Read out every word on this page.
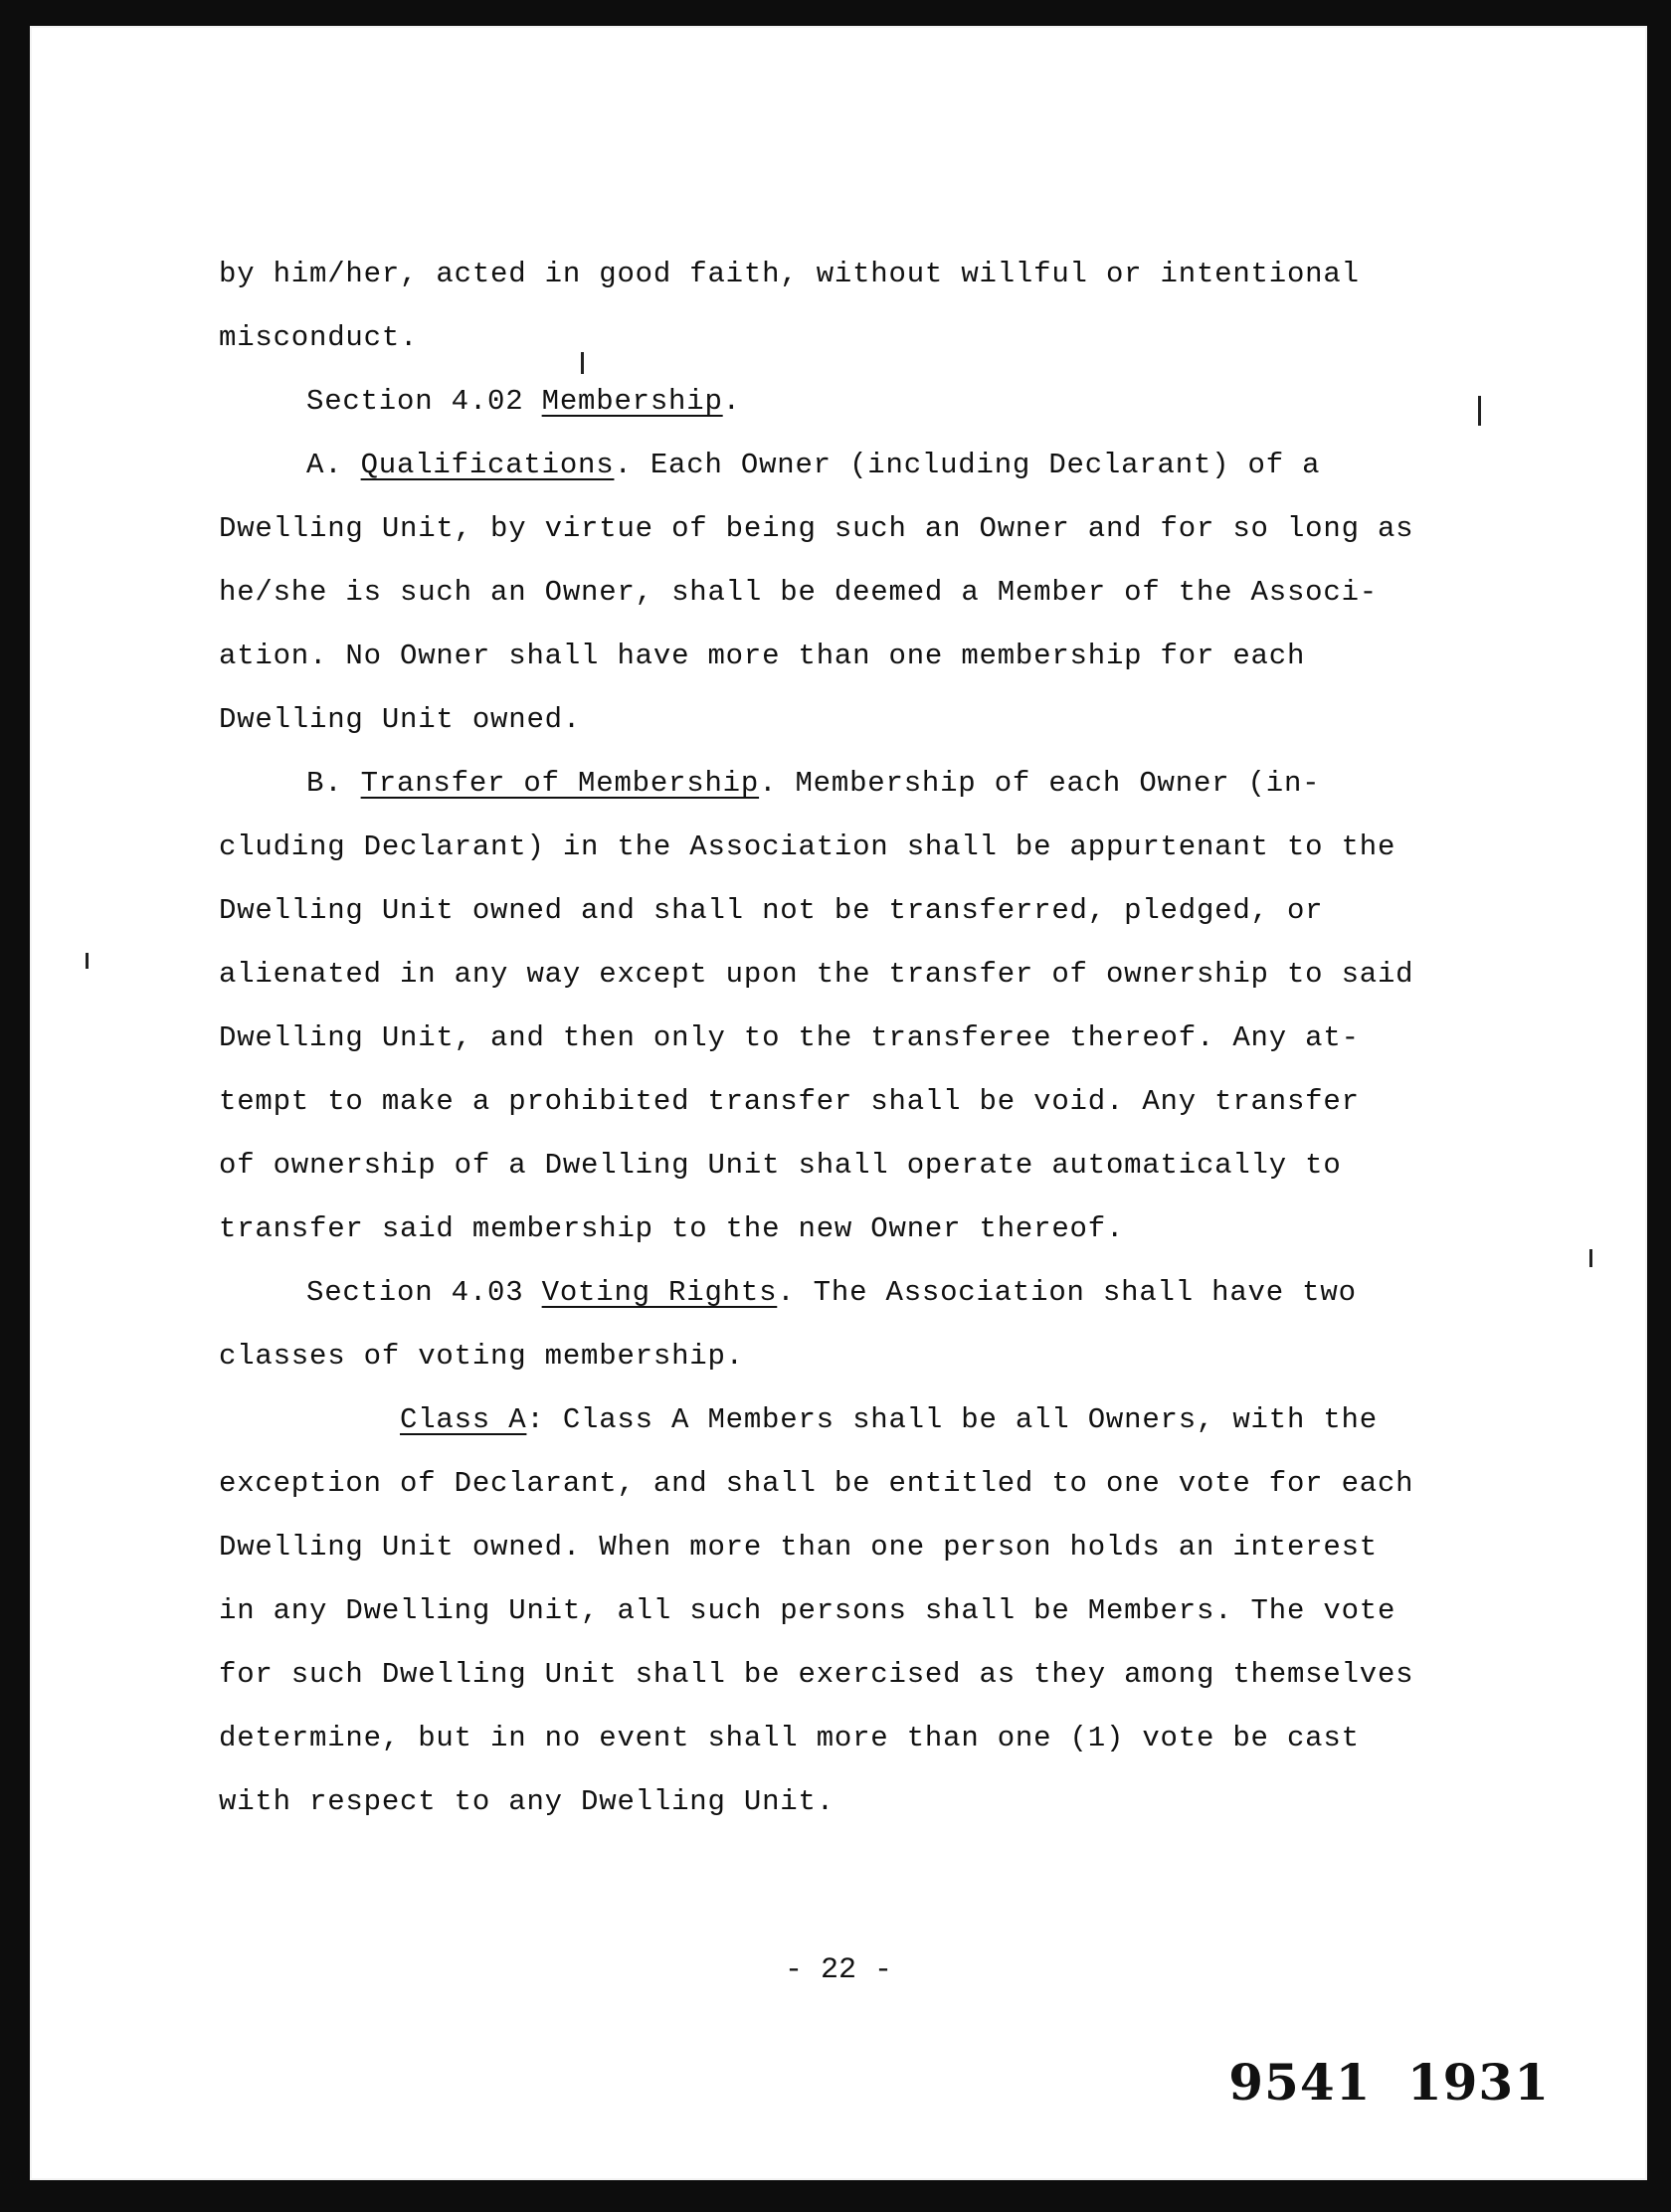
by him/her, acted in good faith, without willful or intentional
misconduct.
Section 4.02 Membership.
A. Qualifications. Each Owner (including Declarant) of a
Dwelling Unit, by virtue of being such an Owner and for so long as
he/she is such an Owner, shall be deemed a Member of the Associ-
ation. No Owner shall have more than one membership for each
Dwelling Unit owned.
B. Transfer of Membership. Membership of each Owner (in-
cluding Declarant) in the Association shall be appurtenant to the
Dwelling Unit owned and shall not be transferred, pledged, or
alienated in any way except upon the transfer of ownership to said
Dwelling Unit, and then only to the transferee thereof. Any at-
tempt to make a prohibited transfer shall be void. Any transfer
of ownership of a Dwelling Unit shall operate automatically to
transfer said membership to the new Owner thereof.
Section 4.03 Voting Rights. The Association shall have two
classes of voting membership.
Class A: Class A Members shall be all Owners, with the
exception of Declarant, and shall be entitled to one vote for each
Dwelling Unit owned. When more than one person holds an interest
in any Dwelling Unit, all such persons shall be Members. The vote
for such Dwelling Unit shall be exercised as they among themselves
determine, but in no event shall more than one (1) vote be cast
with respect to any Dwelling Unit.
- 22 -
9541 1931
